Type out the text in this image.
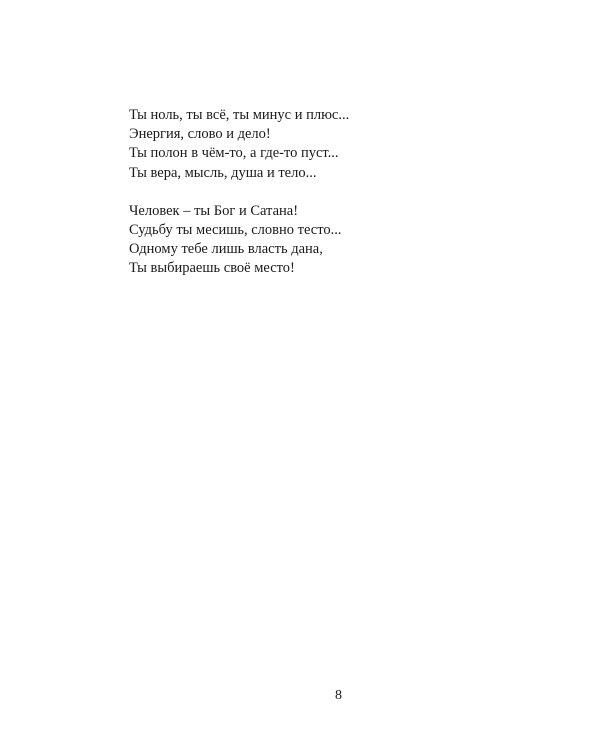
Ты ноль, ты всё, ты минус и плюс...
Энергия, слово и дело!
Ты полон в чём-то, а где-то пуст...
Ты вера, мысль, душа и тело...
Человек – ты Бог и Сатана!
Судьбу ты месишь, словно тесто...
Одному тебе лишь власть дана,
Ты выбираешь своё место!
8
